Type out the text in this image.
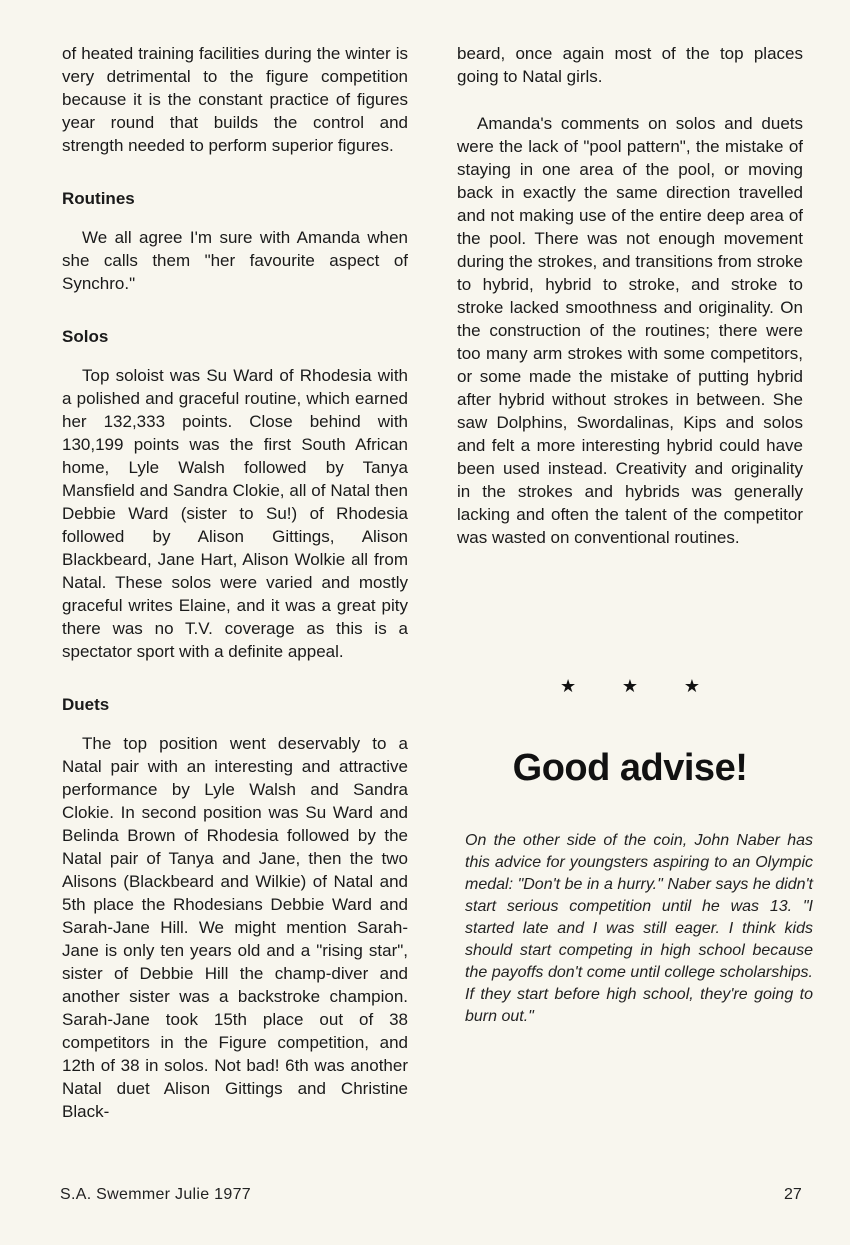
of heated training facilities during the winter is very detrimental to the figure competition because it is the constant practice of figures year round that builds the control and strength needed to perform superior figures.

Routines

We all agree I'm sure with Amanda when she calls them "her favourite aspect of Synchro."

Solos

Top soloist was Su Ward of Rhodesia with a polished and graceful routine, which earned her 132,333 points. Close behind with 130,199 points was the first South African home, Lyle Walsh followed by Tanya Mansfield and Sandra Clokie, all of Natal then Debbie Ward (sister to Su!) of Rhodesia followed by Alison Gittings, Alison Blackbeard, Jane Hart, Alison Wolkie all from Natal. These solos were varied and mostly graceful writes Elaine, and it was a great pity there was no T.V. coverage as this is a spectator sport with a definite appeal.

Duets

The top position went deservably to a Natal pair with an interesting and attractive performance by Lyle Walsh and Sandra Clokie. In second position was Su Ward and Belinda Brown of Rhodesia followed by the Natal pair of Tanya and Jane, then the two Alisons (Blackbeard and Wilkie) of Natal and 5th place the Rhodesians Debbie Ward and Sarah-Jane Hill. We might mention Sarah-Jane is only ten years old and a "rising star", sister of Debbie Hill the champ-diver and another sister was a backstroke champion. Sarah-Jane took 15th place out of 38 competitors in the Figure competition, and 12th of 38 in solos. Not bad! 6th was another Natal duet Alison Gittings and Christine Black-

beard, once again most of the top places going to Natal girls.

Amanda's comments on solos and duets were the lack of "pool pattern", the mistake of staying in one area of the pool, or moving back in exactly the same direction travelled and not making use of the entire deep area of the pool. There was not enough movement during the strokes, and transitions from stroke to hybrid, hybrid to stroke, and stroke to stroke lacked smoothness and originality. On the construction of the routines; there were too many arm strokes with some competitors, or some made the mistake of putting hybrid after hybrid without strokes in between. She saw Dolphins, Swordalinas, Kips and solos and felt a more interesting hybrid could have been used instead. Creativity and originality in the strokes and hybrids was generally lacking and often the talent of the competitor was wasted on conventional routines.

★	★	★
Good advise!

On the other side of the coin, John Naber has this advice for youngsters aspiring to an Olympic medal: "Don't be in a hurry." Naber says he didn't start serious competition until he was 13. "I started late and I was still eager. I think kids should start competing in high school because the payoffs don't come until college scholarships. If they start before high school, they're going to burn out."

S.A. Swemmer Julie 1977	27
